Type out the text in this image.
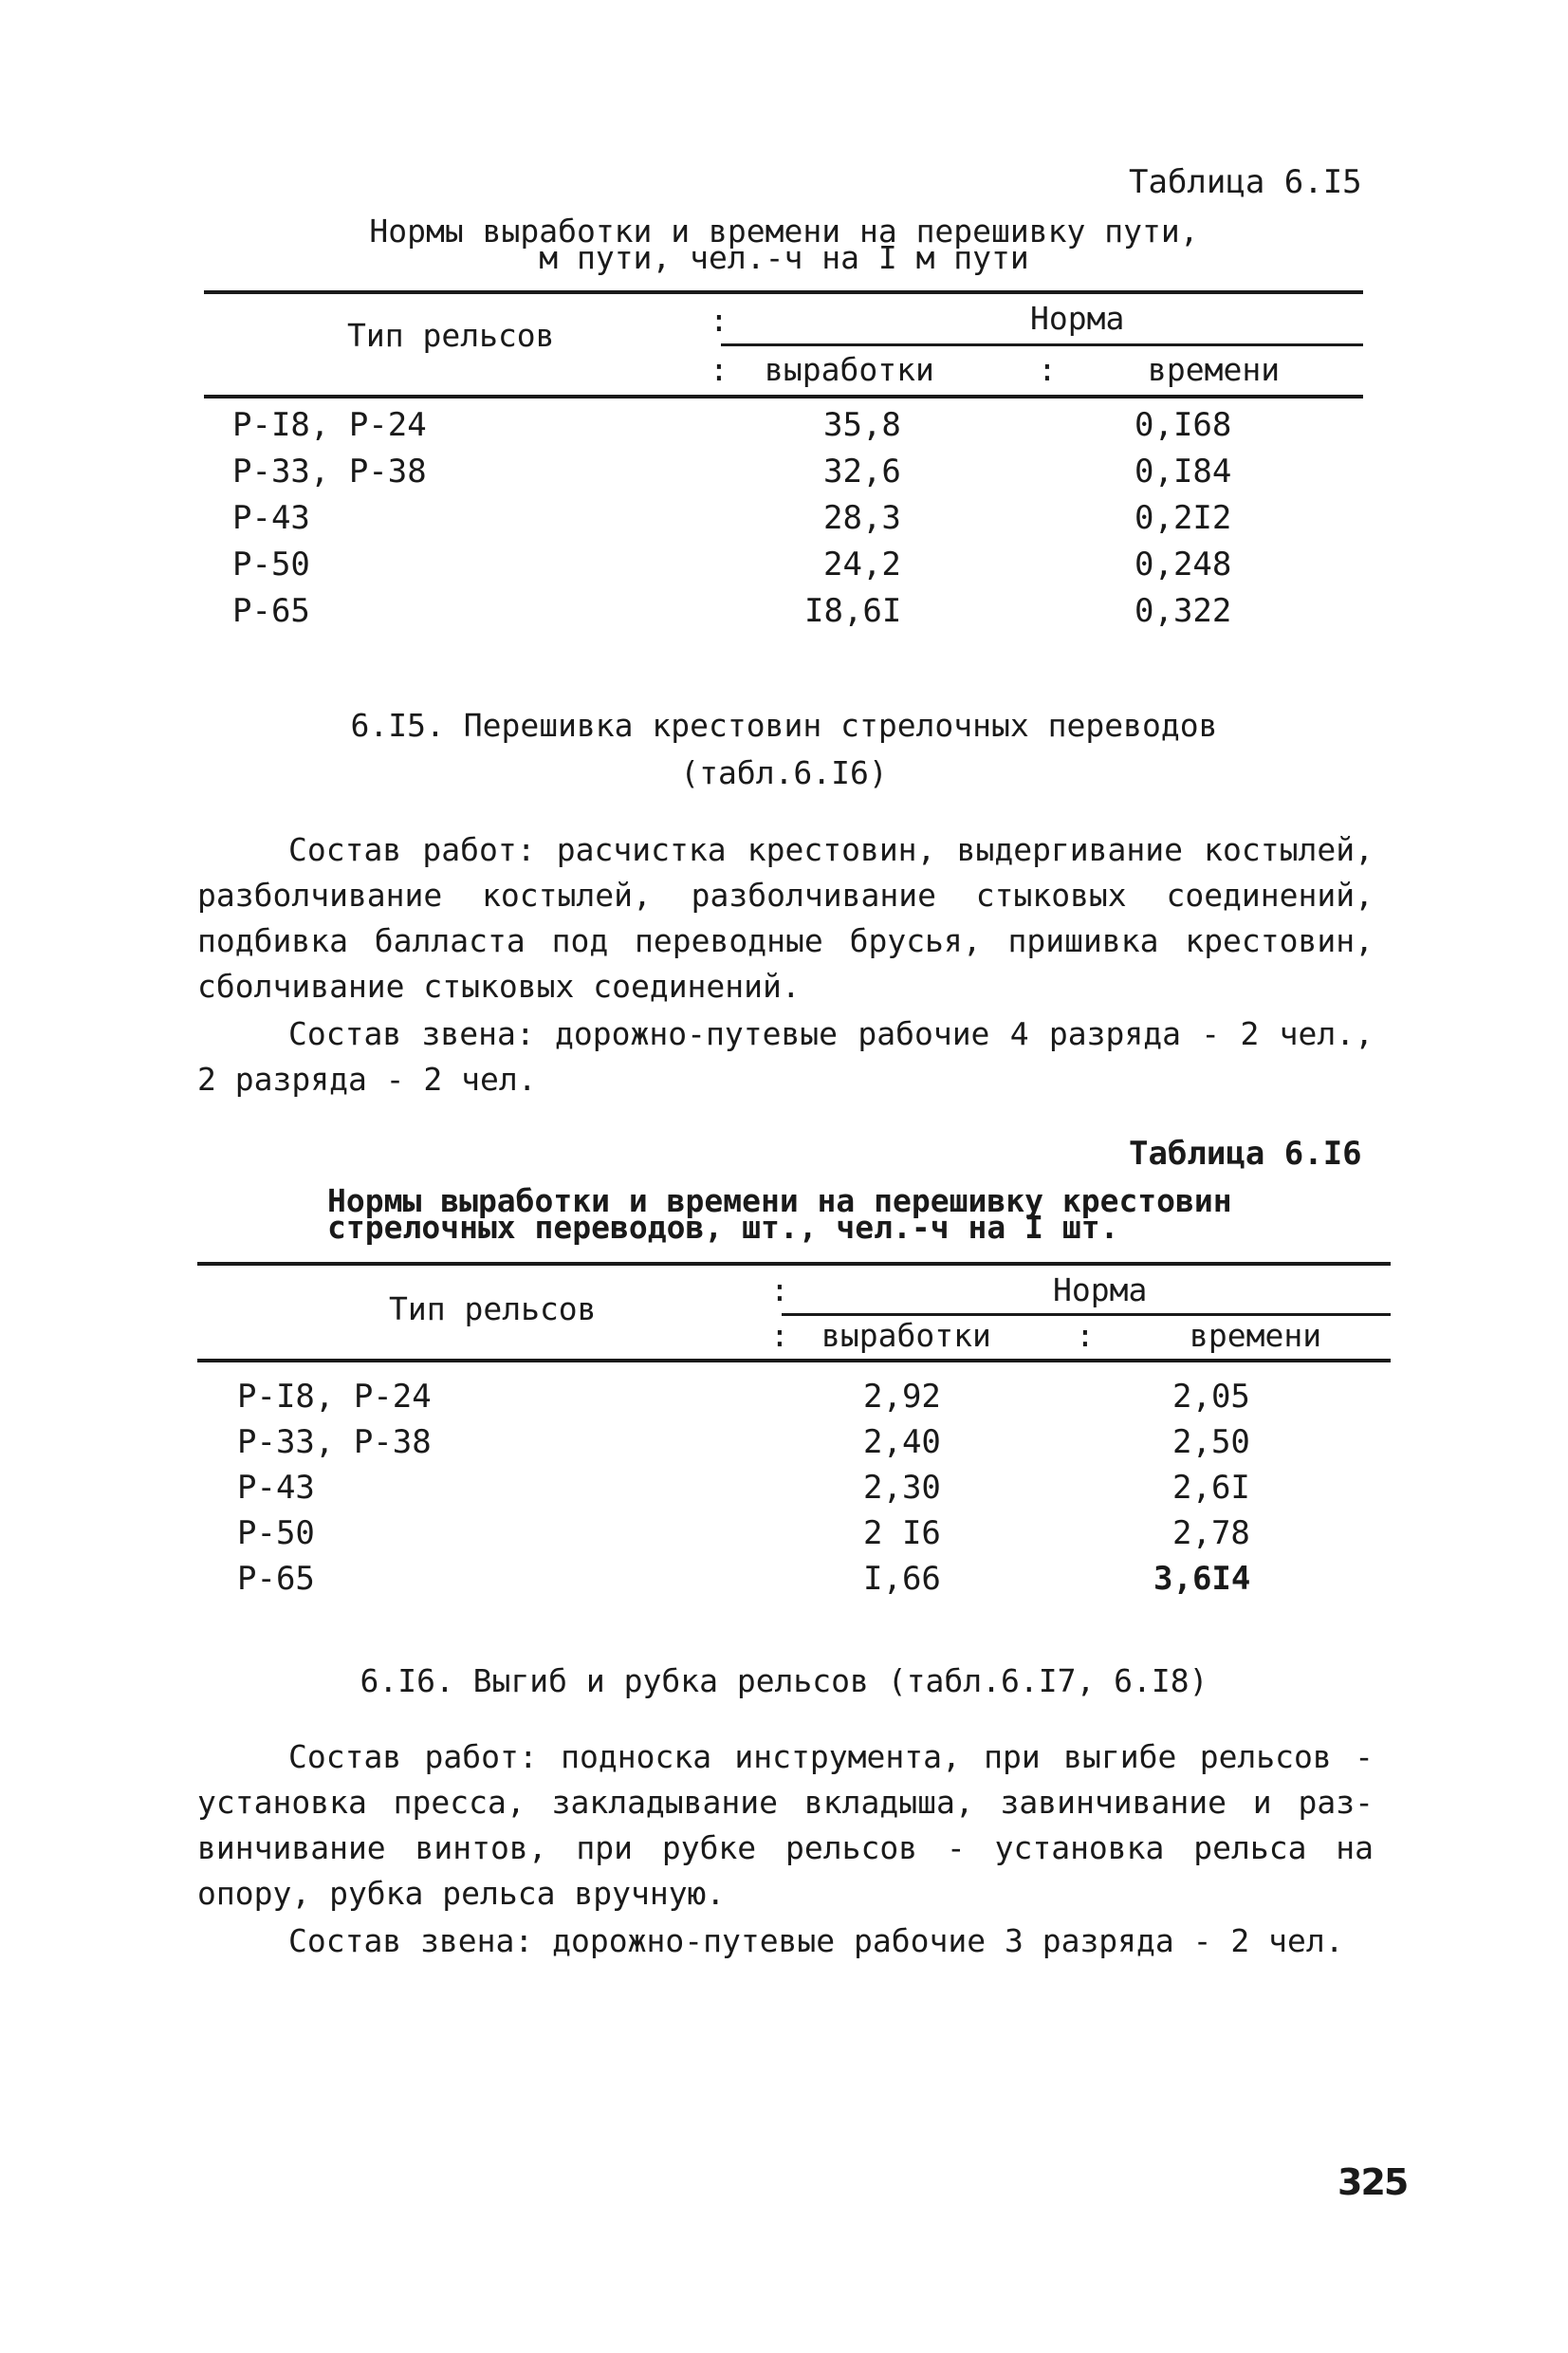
Таблица 6.I5
Нормы выработки и времени на перешивку пути,
м пути, чел.-ч на I м пути
Тип рельсов	:	Норма
: выработки	:	времени
Р-I8, Р-24	35,8	0,I68
Р-33, Р-38	32,6	0,I84
Р-43	28,3	0,2I2
Р-50	24,2	0,248
Р-65	I8,6I	0,322
6.I5. Перешивка крестовин стрелочных переводов
(табл.6.I6)
Состав работ: расчистка крестовин, выдергивание костылей,
разболчивание костылей, разболчивание стыковых соединений,
подбивка балласта под переводные брусья, пришивка крестовин,
сболчивание стыковых соединений.
Состав звена: дорожно-путевые рабочие 4 разряда - 2 чел.,
2 разряда - 2 чел.
Таблица 6.I6
Нормы выработки и времени на перешивку крестовин
стрелочных переводов, шт., чел.-ч на I шт.
Тип рельсов
:	Норма
: выработки	:	времени
Р-I8, Р-24	2,92	2,05
Р-33, Р-38	2,40	2,50
Р-43	2,30	2,6I
Р-50	2 I6	2,78
Р-65	I,66	3,6I4
6.I6. Выгиб и рубка рельсов (табл.6.I7, 6.I8)
Состав работ: подноска инструмента, при выгибе рельсов -
установка пресса, закладывание вкладыша, завинчивание и раз-
винчивание винтов, при рубке рельсов - установка рельса на
опору, рубка рельса вручную.
Состав звена: дорожно-путевые рабочие 3 разряда - 2 чел.
325
